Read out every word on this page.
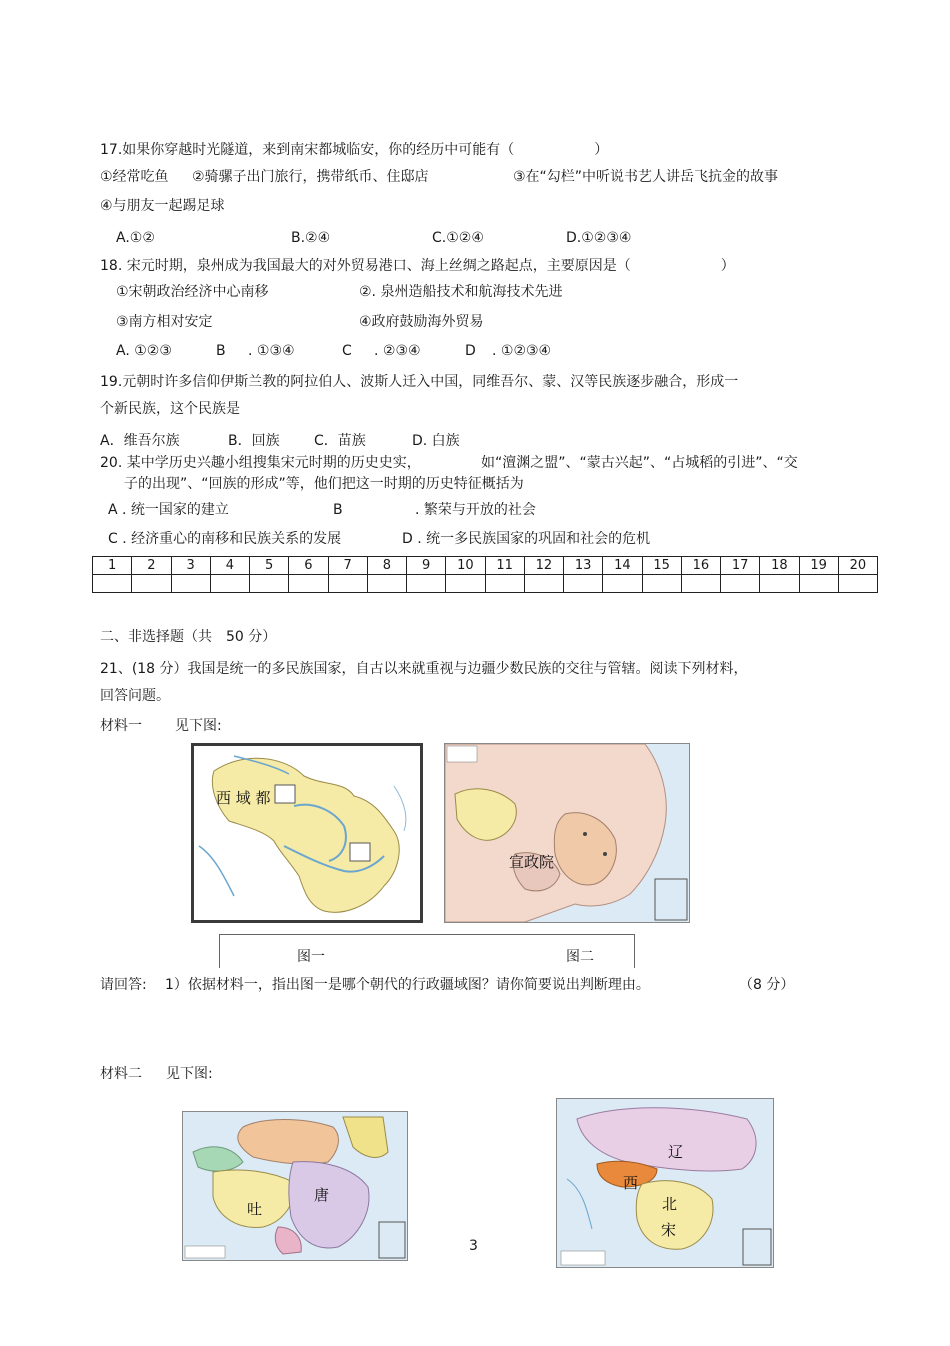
17.如果你穿越时光隧道，来到南宋都城临安，你的经历中可能有（	）
①经常吃鱼 ②骑骡子出门旅行，携带纸币、住邸店	③在“勾栏”中听说书艺人讲岳飞抗金的故事
④与朋友一起踢足球
A.①②	B.②④	C.①②④	D.①②③④
18. 宋元时期，泉州成为我国最大的对外贸易港口、海上丝绸之路起点，主要原因是（	）
①宋朝政治经济中心南移	②. 泉州造船技术和航海技术先进
③南方相对安定	④政府鼓励海外贸易
A. ①②③	B . ①③④	C . ②③④	D . ①②③④
19.元朝时许多信仰伊斯兰教的阿拉伯人、波斯人迁入中国，同维吾尔、蒙、汉等民族逐步融合，形成一
个新民族，这个民族是
A．维吾尔族	B．回族 C．苗族	D. 白族
20. 某中学历史兴趣小组搜集宋元时期的历史史实，	如“澶渊之盟”、“蒙古兴起”、“占城稻的引进”、“交
子的出现”、“回族的形成”等，他们把这一时期的历史特征概括为
A . 统一国家的建立	B	. 繁荣与开放的社会
C . 经济重心的南移和民族关系的发展	D . 统一多民族国家的巩固和社会的危机
1	2	3	4	5	6	7	8	9	10	11	12	13	14	15	16	17	18	19	20

二、非选择题（共 50 分）
21、(18 分）我国是统一的多民族国家，自古以来就重视与边疆少数民族的交往与管辖。阅读下列材料，
回答问题。
材料一 见下图:
西 域 都
宣政院
图一	图二
请回答: 1）依据材料一，指出图一是哪个朝代的行政疆域图？请你简要说出判断理由。	（8 分）
材料二 见下图:
吐
唐
辽
西
北
宋
3
